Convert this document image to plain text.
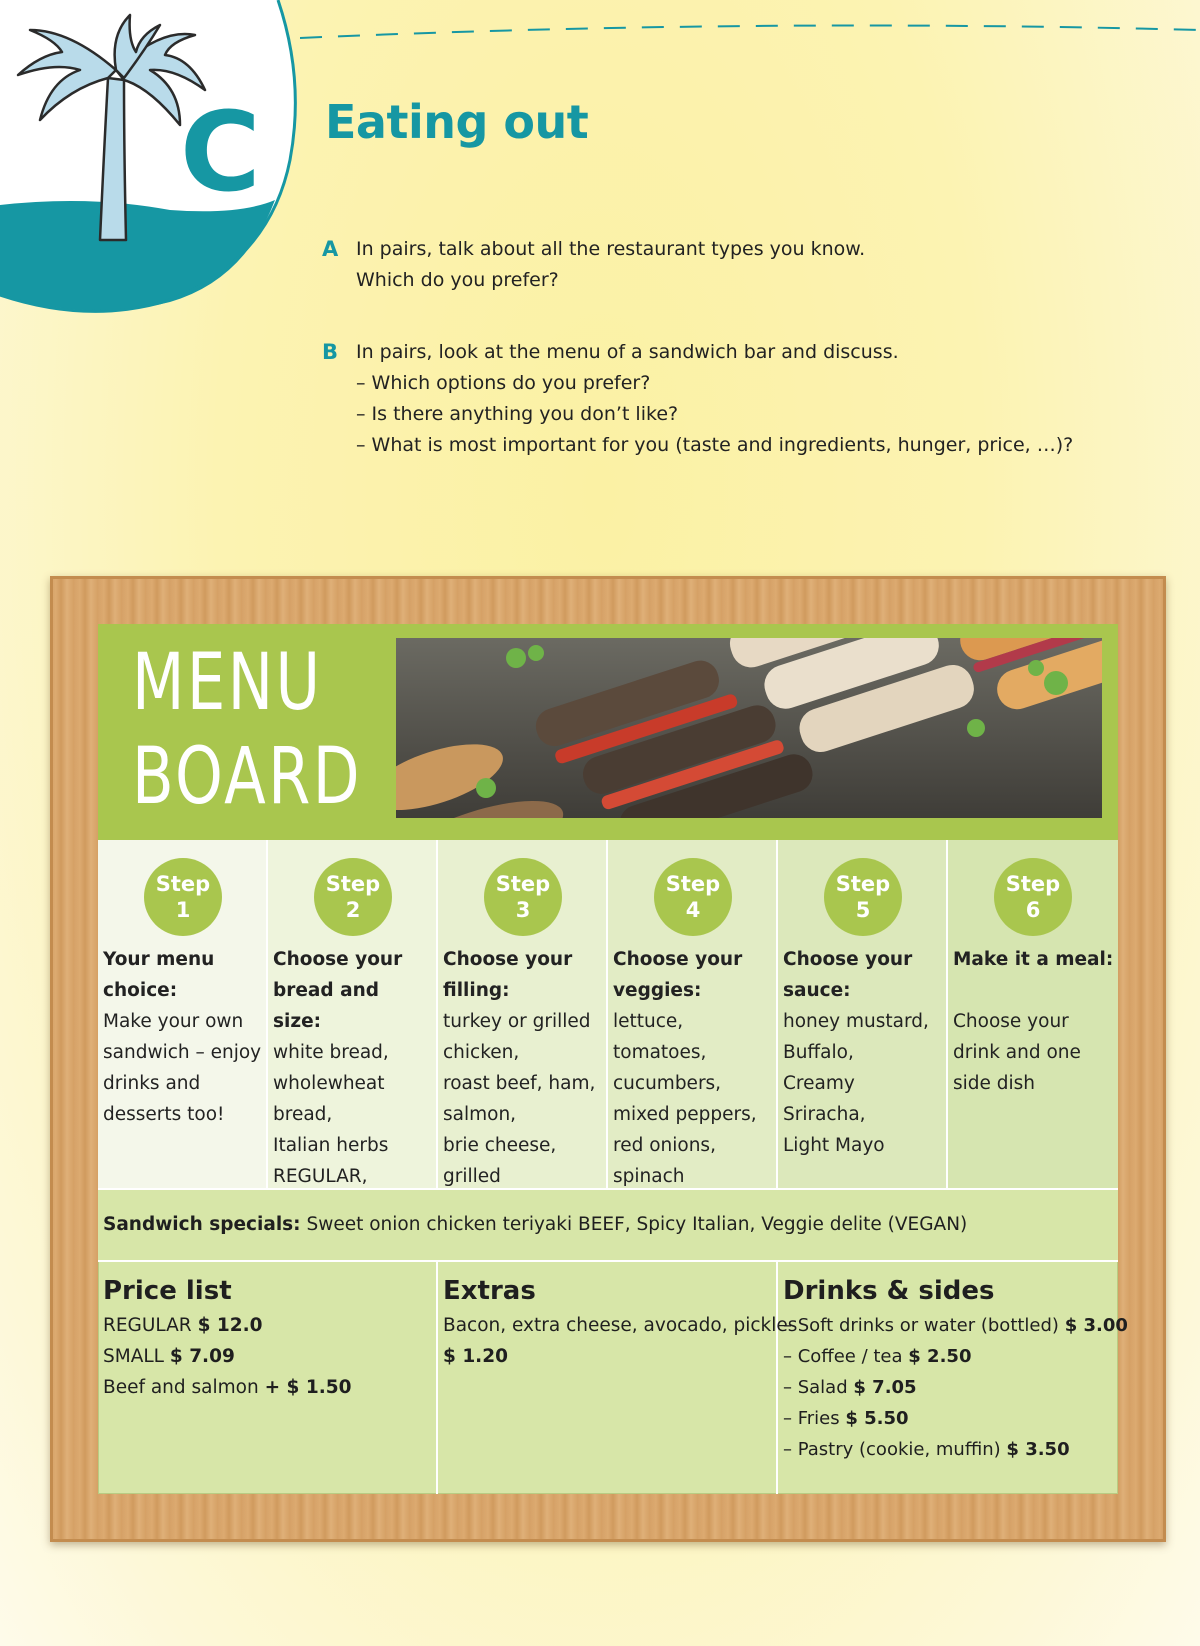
C Eating out
A In pairs, talk about all the restaurant types you know.
Which do you prefer?
B In pairs, look at the menu of a sandwich bar and discuss.
– Which options do you prefer?
– Is there anything you don’t like?
– What is most important for you (taste and ingredients, hunger, price, …)?
MENU
BOARD
Step
1
Your menu choice:
Make your own sandwich – enjoy drinks and desserts too!
Step
2
Choose your bread and size:
white bread,
wholewheat bread,
Italian herbs
REGULAR,
Step
3
Choose your filling:
turkey or grilled chicken,
roast beef, ham,
salmon,
brie cheese,
grilled
Step
4
Choose your veggies:
lettuce, tomatoes,
cucumbers,
mixed peppers,
red onions,
spinach
Step
5
Choose your sauce:
honey mustard,
Buffalo,
Creamy Sriracha,
Light Mayo
Step
6
Make it a meal:

Choose your drink and one side dish
Sandwich specials: Sweet onion chicken teriyaki BEEF, Spicy Italian, Veggie delite (VEGAN)
Price list
REGULAR $ 12.0
SMALL $ 7.09
Beef and salmon + $ 1.50
Extras
Bacon, extra cheese, avocado, pickles
$ 1.20
Drinks & sides
– Soft drinks or water (bottled) $ 3.00
– Coffee / tea $ 2.50
– Salad $ 7.05
– Fries $ 5.50
– Pastry (cookie, muffin) $ 3.50
